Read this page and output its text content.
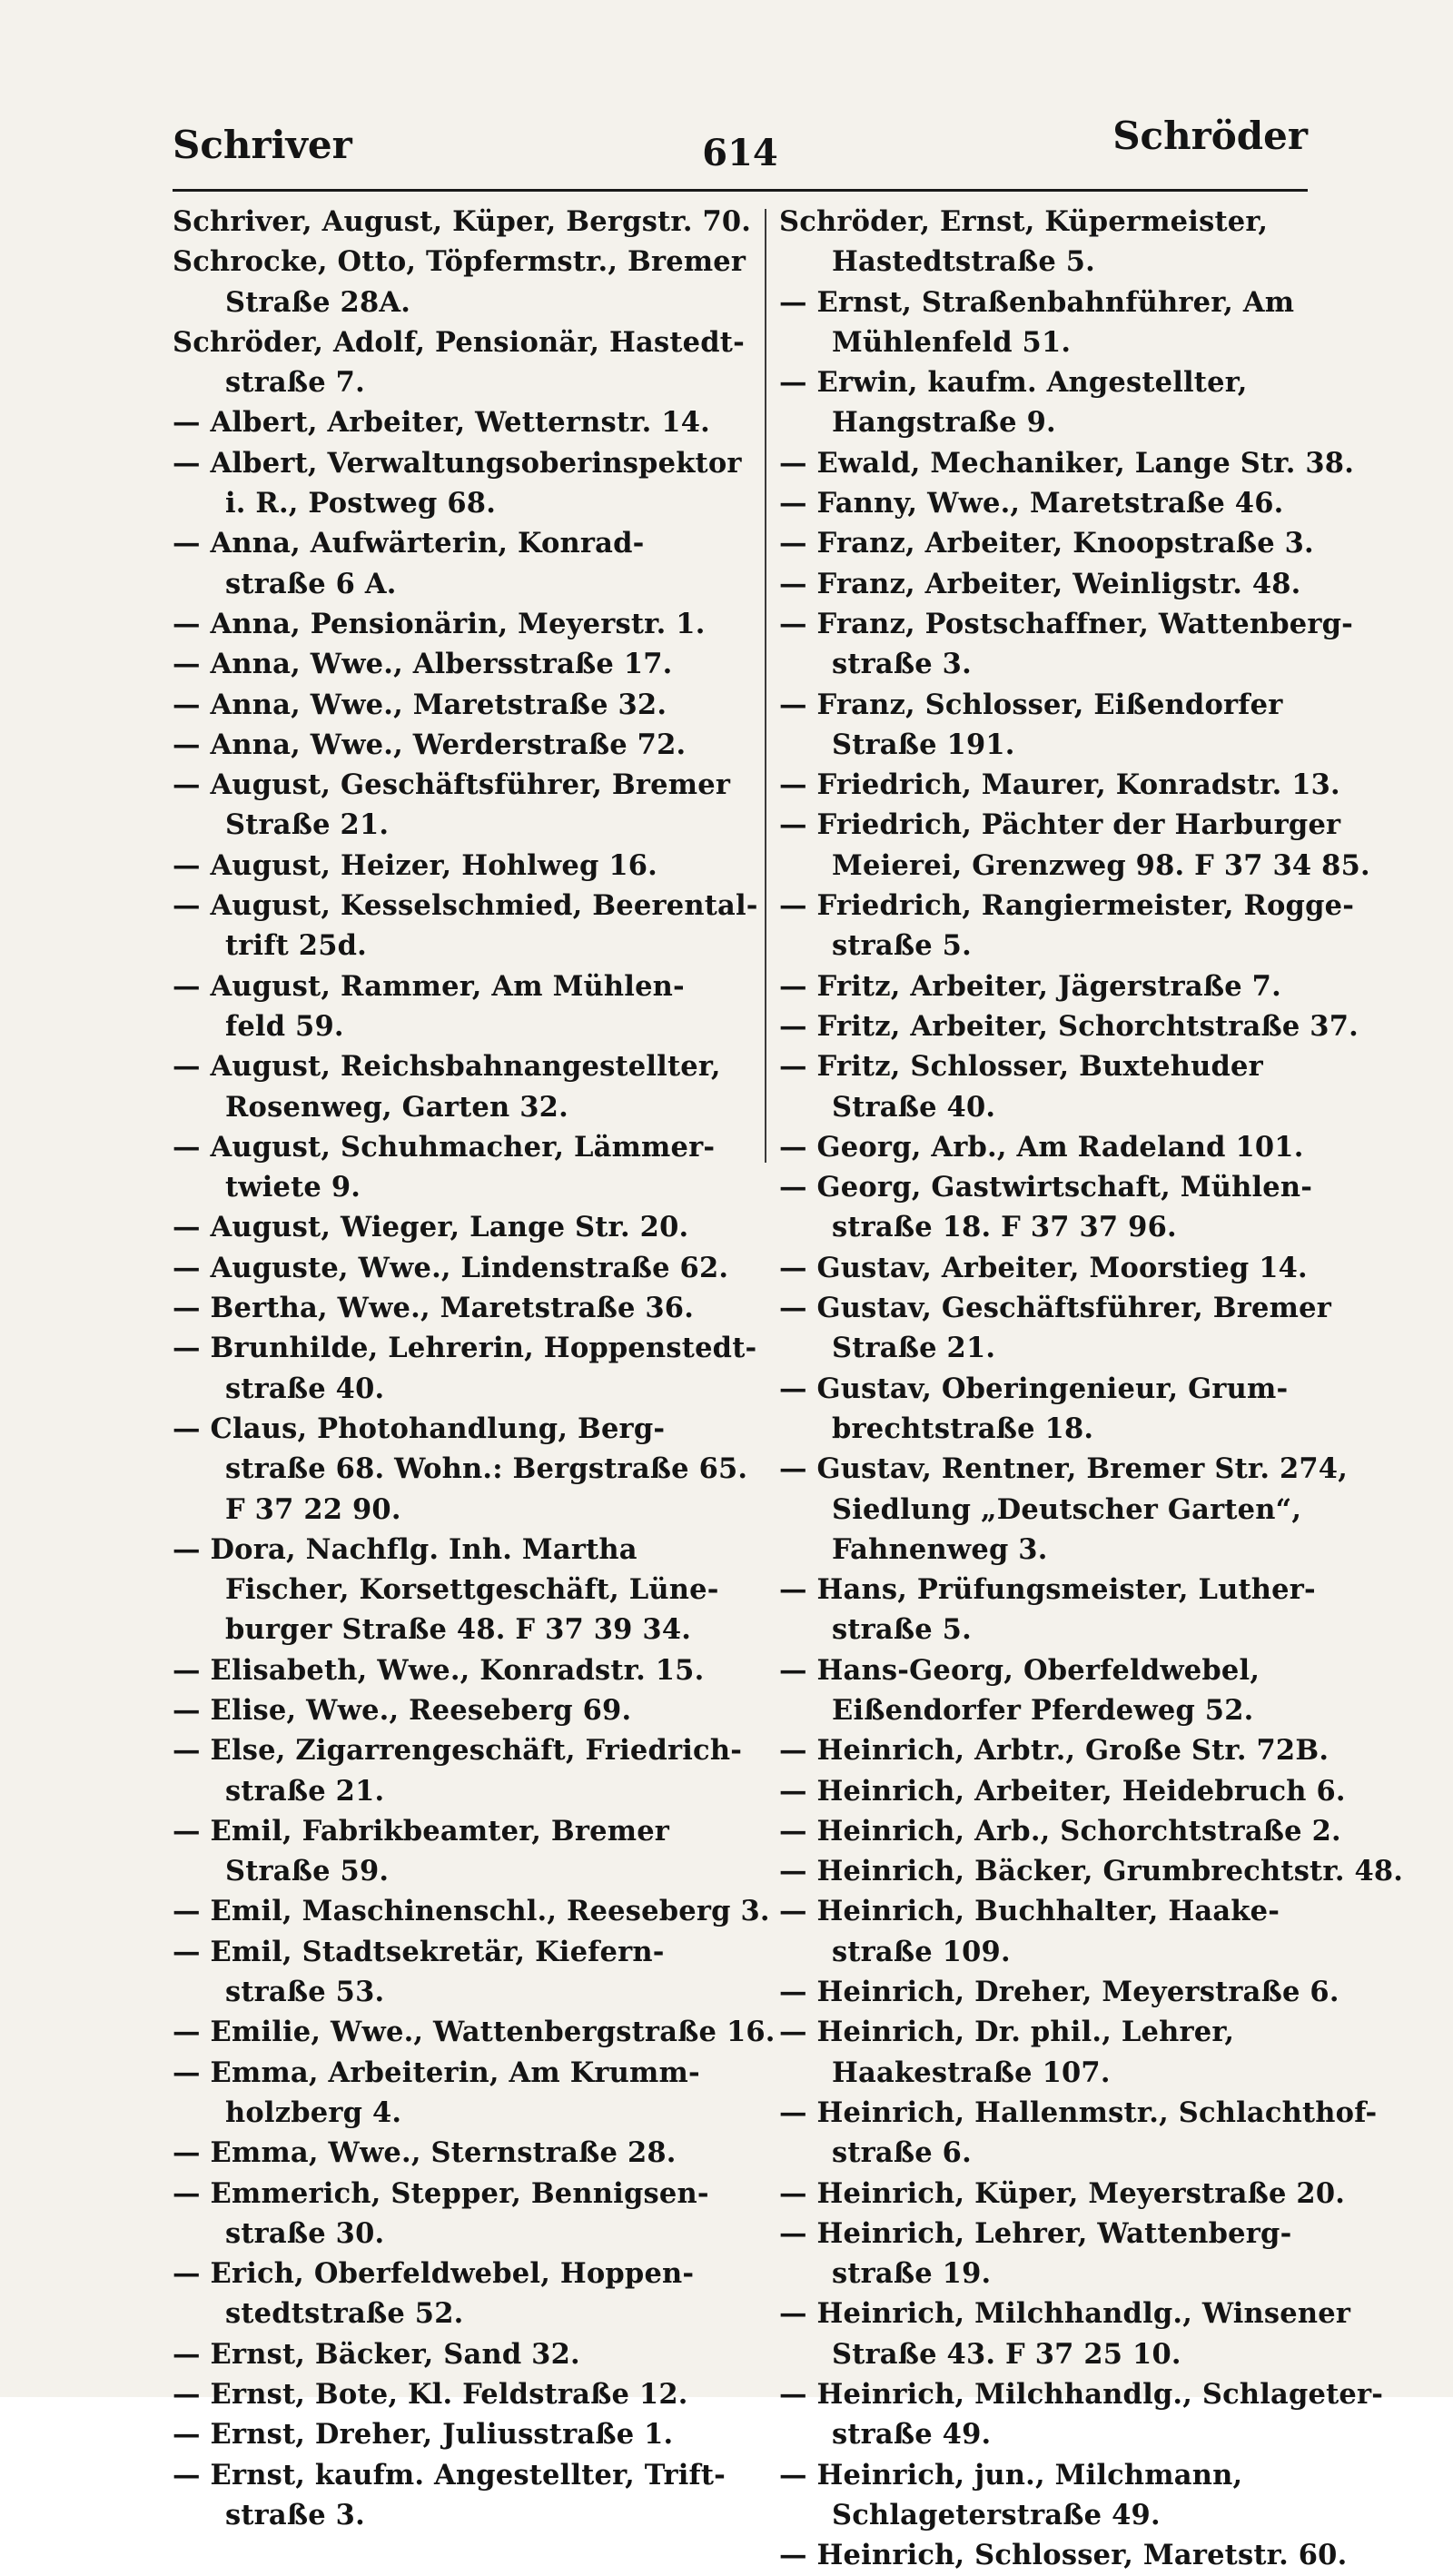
Schriver	614	Schröder
Schriver, August, Küper, Bergstr. 70.
Schrocke, Otto, Töpfermstr., Bremer
Straße 28A.
Schröder, Adolf, Pensionär, Hastedt-
straße 7.
— Albert, Arbeiter, Wetternstr. 14.
— Albert, Verwaltungsoberinspektor
i. R., Postweg 68.
— Anna, Aufwärterin, Konrad-
straße 6 A.
— Anna, Pensionärin, Meyerstr. 1.
— Anna, Wwe., Albersstraße 17.
— Anna, Wwe., Maretstraße 32.
— Anna, Wwe., Werderstraße 72.
— August, Geschäftsführer, Bremer
Straße 21.
— August, Heizer, Hohlweg 16.
— August, Kesselschmied, Beerental-
trift 25d.
— August, Rammer, Am Mühlen-
feld 59.
— August, Reichsbahnangestellter,
Rosenweg, Garten 32.
— August, Schuhmacher, Lämmer-
twiete 9.
— August, Wieger, Lange Str. 20.
— Auguste, Wwe., Lindenstraße 62.
— Bertha, Wwe., Maretstraße 36.
— Brunhilde, Lehrerin, Hoppenstedt-
straße 40.
— Claus, Photohandlung, Berg-
straße 68. Wohn.: Bergstraße 65.
F 37 22 90.
— Dora, Nachflg. Inh. Martha
Fischer, Korsettgeschäft, Lüne-
burger Straße 48. F 37 39 34.
— Elisabeth, Wwe., Konradstr. 15.
— Elise, Wwe., Reeseberg 69.
— Else, Zigarrengeschäft, Friedrich-
straße 21.
— Emil, Fabrikbeamter, Bremer
Straße 59.
— Emil, Maschinenschl., Reeseberg 3.
— Emil, Stadtsekretär, Kiefern-
straße 53.
— Emilie, Wwe., Wattenbergstraße 16.
— Emma, Arbeiterin, Am Krumm-
holzberg 4.
— Emma, Wwe., Sternstraße 28.
— Emmerich, Stepper, Bennigsen-
straße 30.
— Erich, Oberfeldwebel, Hoppen-
stedtstraße 52.
— Ernst, Bäcker, Sand 32.
— Ernst, Bote, Kl. Feldstraße 12.
— Ernst, Dreher, Juliusstraße 1.
— Ernst, kaufm. Angestellter, Trift-
straße 3.
Schröder, Ernst, Küpermeister,
Hastedtstraße 5.
— Ernst, Straßenbahnführer, Am
Mühlenfeld 51.
— Erwin, kaufm. Angestellter,
Hangstraße 9.
— Ewald, Mechaniker, Lange Str. 38.
— Fanny, Wwe., Maretstraße 46.
— Franz, Arbeiter, Knoopstraße 3.
— Franz, Arbeiter, Weinligstr. 48.
— Franz, Postschaffner, Wattenberg-
straße 3.
— Franz, Schlosser, Eißendorfer
Straße 191.
— Friedrich, Maurer, Konradstr. 13.
— Friedrich, Pächter der Harburger
Meierei, Grenzweg 98. F 37 34 85.
— Friedrich, Rangiermeister, Rogge-
straße 5.
— Fritz, Arbeiter, Jägerstraße 7.
— Fritz, Arbeiter, Schorchtstraße 37.
— Fritz, Schlosser, Buxtehuder
Straße 40.
— Georg, Arb., Am Radeland 101.
— Georg, Gastwirtschaft, Mühlen-
straße 18. F 37 37 96.
— Gustav, Arbeiter, Moorstieg 14.
— Gustav, Geschäftsführer, Bremer
Straße 21.
— Gustav, Oberingenieur, Grum-
brechtstraße 18.
— Gustav, Rentner, Bremer Str. 274,
Siedlung „Deutscher Garten“,
Fahnenweg 3.
— Hans, Prüfungsmeister, Luther-
straße 5.
— Hans-Georg, Oberfeldwebel,
Eißendorfer Pferdeweg 52.
— Heinrich, Arbtr., Große Str. 72B.
— Heinrich, Arbeiter, Heidebruch 6.
— Heinrich, Arb., Schorchtstraße 2.
— Heinrich, Bäcker, Grumbrechtstr. 48.
— Heinrich, Buchhalter, Haake-
straße 109.
— Heinrich, Dreher, Meyerstraße 6.
— Heinrich, Dr. phil., Lehrer,
Haakestraße 107.
— Heinrich, Hallenmstr., Schlachthof-
straße 6.
— Heinrich, Küper, Meyerstraße 20.
— Heinrich, Lehrer, Wattenberg-
straße 19.
— Heinrich, Milchhandlg., Winsener
Straße 43. F 37 25 10.
— Heinrich, Milchhandlg., Schlageter-
straße 49.
— Heinrich, jun., Milchmann,
Schlageterstraße 49.
— Heinrich, Schlosser, Maretstr. 60.
